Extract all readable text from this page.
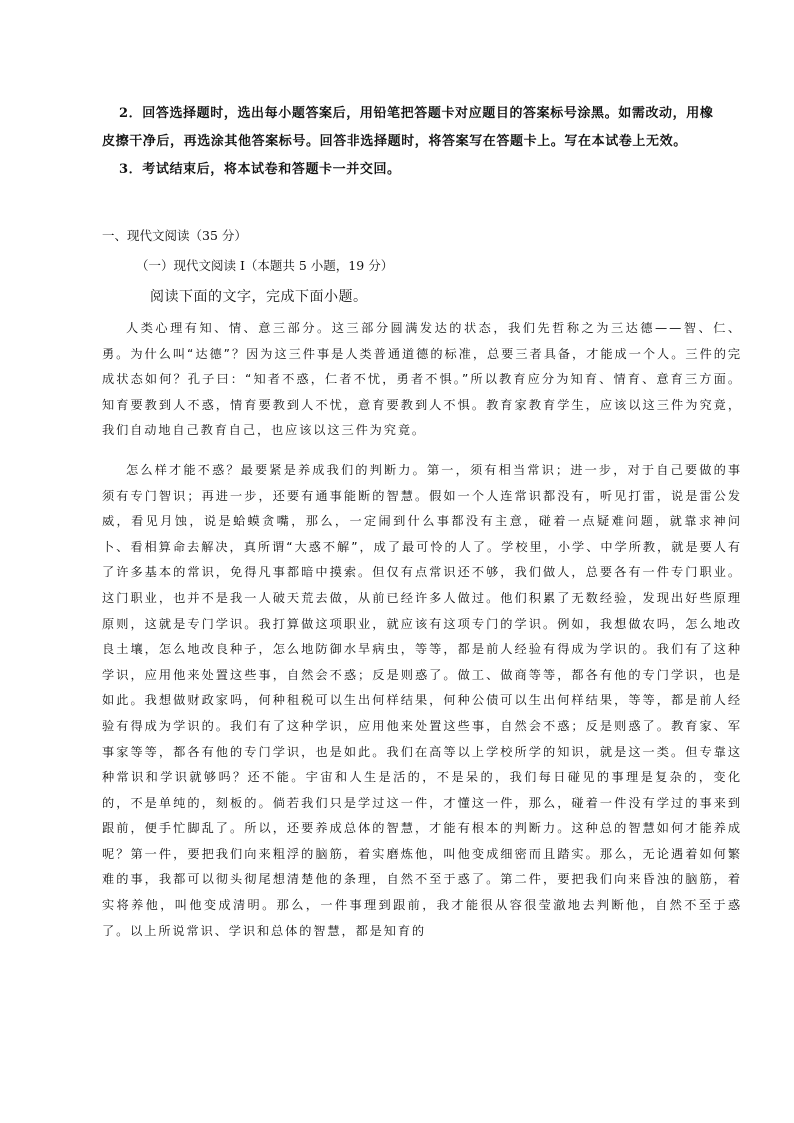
2．回答选择题时，选出每小题答案后，用铅笔把答题卡对应题目的答案标号涂黑。如需改动，用橡皮擦干净后，再选涂其他答案标号。回答非选择题时，将答案写在答题卡上。写在本试卷上无效。

3．考试结束后，将本试卷和答题卡一并交回。

一、现代文阅读（35 分）
（一）现代文阅读 I（本题共 5 小题，19 分）
阅读下面的文字，完成下面小题。

人类心理有知、情、意三部分。这三部分圆满发达的状态，我们先哲称之为三达德——智、仁、勇。为什么叫“达德”？因为这三件事是人类普通道德的标准，总要三者具备，才能成一个人。三件的完成状态如何？孔子曰：“知者不惑，仁者不忧，勇者不惧。”所以教育应分为知育、情育、意育三方面。知育要教到人不惑，情育要教到人不忧，意育要教到人不惧。教育家教育学生，应该以这三件为究竟，我们自动地自己教育自己，也应该以这三件为究竟。

怎么样才能不惑？最要紧是养成我们的判断力。第一，须有相当常识；进一步，对于自己要做的事须有专门智识；再进一步，还要有通事能断的智慧。假如一个人连常识都没有，听见打雷，说是雷公发威，看见月蚀，说是蛤蟆贪嘴，那么，一定闹到什么事都没有主意，碰着一点疑难问题，就靠求神问卜、看相算命去解决，真所谓“大惑不解”，成了最可怜的人了。学校里，小学、中学所教，就是要人有了许多基本的常识，免得凡事都暗中摸索。但仅有点常识还不够，我们做人，总要各有一件专门职业。这门职业，也并不是我一人破天荒去做，从前已经许多人做过。他们积累了无数经验，发现出好些原理原则，这就是专门学识。我打算做这项职业，就应该有这项专门的学识。例如，我想做农吗，怎么地改良土壤，怎么地改良种子，怎么地防御水旱病虫，等等，都是前人经验有得成为学识的。我们有了这种学识，应用他来处置这些事，自然会不惑；反是则惑了。做工、做商等等，都各有他的专门学识，也是如此。我想做财政家吗，何种租税可以生出何样结果，何种公债可以生出何样结果，等等，都是前人经验有得成为学识的。我们有了这种学识，应用他来处置这些事，自然会不惑；反是则惑了。教育家、军事家等等，都各有他的专门学识，也是如此。我们在高等以上学校所学的知识，就是这一类。但专靠这种常识和学识就够吗？还不能。宇宙和人生是活的，不是呆的，我们每日碰见的事理是复杂的，变化的，不是单纯的，刻板的。倘若我们只是学过这一件，才懂这一件，那么，碰着一件没有学过的事来到跟前，便手忙脚乱了。所以，还要养成总体的智慧，才能有根本的判断力。这种总的智慧如何才能养成呢？第一件，要把我们向来粗浮的脑筋，着实磨炼他，叫他变成细密而且踏实。那么，无论遇着如何繁难的事，我都可以彻头彻尾想清楚他的条理，自然不至于惑了。第二件，要把我们向来昏浊的脑筋，着实将养他，叫他变成清明。那么，一件事理到跟前，我才能很从容很莹澈地去判断他，自然不至于惑了。以上所说常识、学识和总体的智慧，都是知育的
